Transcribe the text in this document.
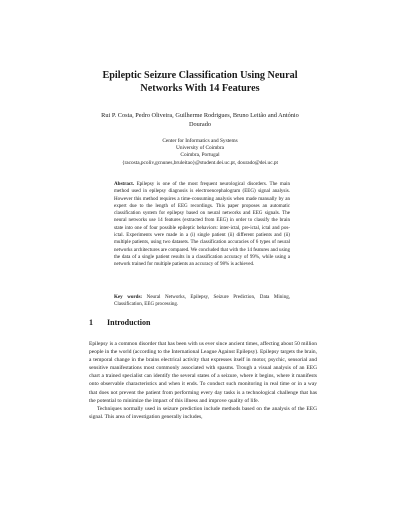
Epileptic Seizure Classification Using Neural
Networks With 14 Features
Rui P. Costa, Pedro Oliveira, Guilherme Rodrigues, Bruno Leitão and António
Dourado
Center for Informatics and Systems
University of Coimbra
Coimbra, Portugal
{racosta,pcoliv,gcnunes,bruleitao}@student.dei.uc.pt, dourado@dei.uc.pt
Abstract. Epilepsy is one of the most frequent neurological disorders. The main method used in epilepsy diagnosis is electroencephalogram (EEG) signal analysis. However this method requires a time-consuming analysis when made manually by an expert due to the length of EEG recordings. This paper proposes an automatic classification system for epilepsy based on neural networks and EEG signals. The neural networks use 14 features (extracted from EEG) in order to classify the brain state into one of four possible epileptic behaviors: inter-ictal, pre-ictal, ictal and pos-ictal. Experiments were made in a (i) single patient (ii) different patients and (ii) multiple patients, using two datasets. The classification accuracies of 6 types of neural networks architectures are compared. We concluded that with the 14 features and using the data of a single patient results in a classification accuracy of 99%, while using a network trained for multiple patients an accuracy of 98% is achieved.
Key words: Neural Networks, Epilepsy, Seizure Prediction, Data Mining, Classification, EEG processing.
1 Introduction

Epilepsy is a common disorder that has been with us ever since ancient times, affecting about 50 million people in the world (according to the International League Against Epilepsy). Epilepsy targets the brain, a temporal change in the brains electrical activity that expresses itself in motor, psychic, sensorial and sensitive manifestations most commonly associated with spasms. Trough a visual analysis of an EEG chart a trained specialist can identify the several states of a seizure, where it begins, where it manifests onto observable characteristics and when it ends. To conduct such monitoring in real time or in a way that does not prevent the patient from performing every day tasks is a technological challenge that has the potential to minimize the impact of this illness and improve quality of life.

Techniques normally used in seizure prediction include methods based on the analysis of the EEG signal. This area of investigation generally includes,
